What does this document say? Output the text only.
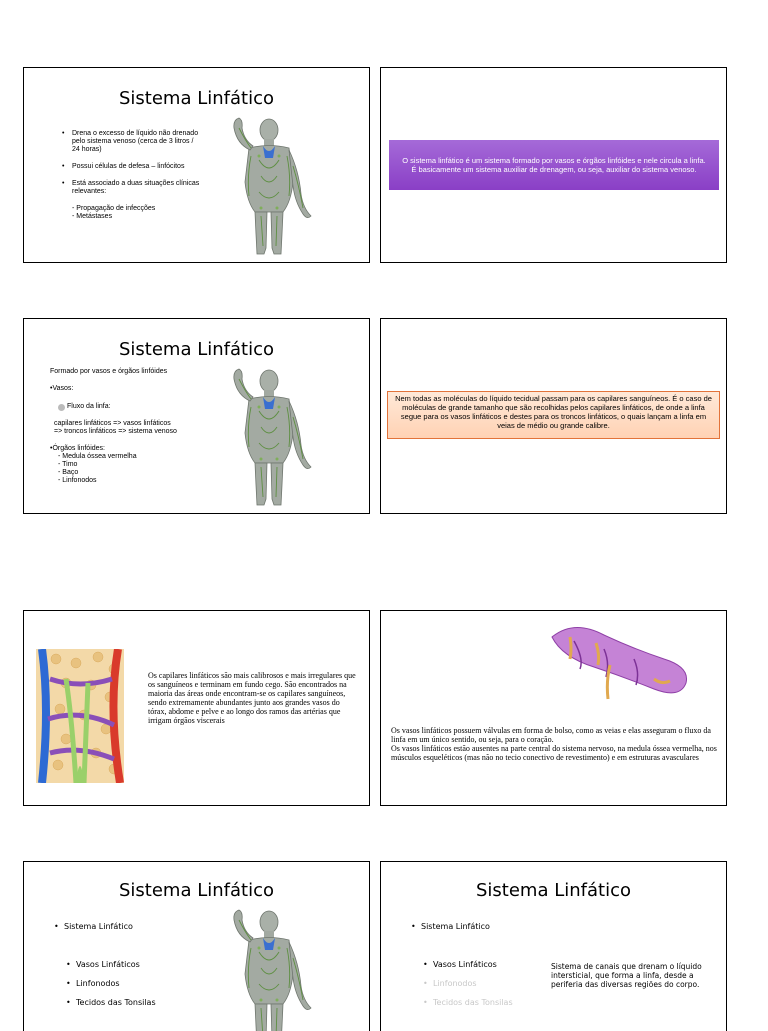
Sistema Linfático
• Drena o excesso de líquido não drenado pelo sistema venoso (cerca de 3 litros / 24 horas)
• Possui células de defesa – linfócitos
• Está associado a duas situações clínicas relevantes:
- Propagação de infecções
- Metástases
O sistema linfático é um sistema formado por vasos e órgãos linfóides e nele circula a linfa.
É basicamente um sistema auxiliar de drenagem, ou seja, auxiliar do sistema venoso.
Sistema Linfático
Formado por vasos e órgãos linfóides
•Vasos:
Fluxo da linfa:
capilares linfáticos => vasos linfáticos
=> troncos linfáticos => sistema venoso
•Órgãos linfóides:
- Medula óssea vermelha
- Timo
- Baço
- Linfonodos
Nem todas as moléculas do líquido tecidual passam para os capilares sanguíneos. É o caso de moléculas de grande tamanho que são recolhidas pelos capilares linfáticos, de onde a linfa segue para os vasos linfáticos e destes para os troncos linfáticos, o quais lançam a linfa em veias de médio ou grande calibre.
Os capilares linfáticos são mais calibrosos e mais irregulares que os sanguíneos e terminam em fundo cego. São encontrados na maioria das áreas onde encontram-se os capilares sanguíneos, sendo extremamente abundantes junto aos grandes vasos do tórax, abdome e pelve e ao longo dos ramos das artérias que irrigam órgãos viscerais
Os vasos linfáticos possuem válvulas em forma de bolso, como as veias e elas asseguram o fluxo da linfa em um único sentido, ou seja, para o coração.
Os vasos linfáticos estão ausentes na parte central do sistema nervoso, na medula óssea vermelha, nos músculos esqueléticos (mas não no tecio conectivo de revestimento) e em estruturas avasculares
Sistema Linfático
• Sistema Linfático
• Vasos Linfáticos
• Linfonodos
• Tecidos das Tonsilas
Sistema Linfático
• Sistema Linfático
• Vasos Linfáticos
• Linfonodos
• Tecidos das Tonsilas
Sistema de canais que drenam o líquido intersticial, que forma a linfa, desde a periferia das diversas regiões do corpo.
